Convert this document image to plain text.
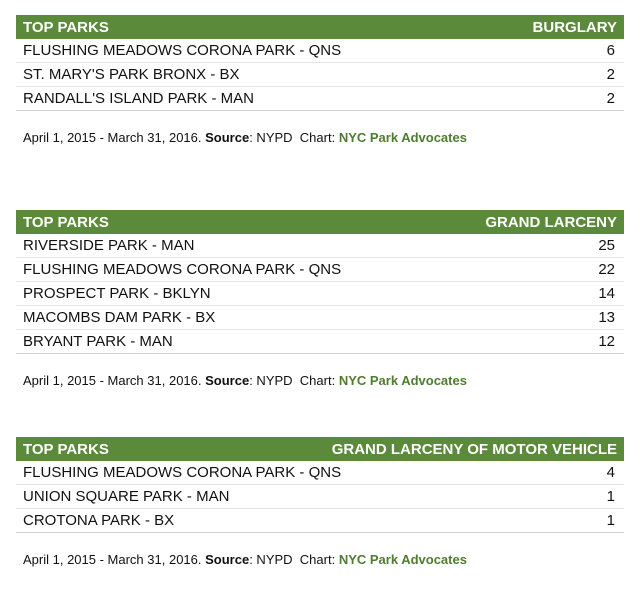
TOP PARKS	BURGLARY
FLUSHING MEADOWS CORONA PARK - QNS	6
ST. MARY'S PARK BRONX - BX	2
RANDALL'S ISLAND PARK - MAN	2
April 1, 2015 - March 31, 2016. Source: NYPD Chart: NYC Park Advocates
TOP PARKS	GRAND LARCENY
RIVERSIDE PARK - MAN	25
FLUSHING MEADOWS CORONA PARK - QNS	22
PROSPECT PARK - BKLYN	14
MACOMBS DAM PARK - BX	13
BRYANT PARK - MAN	12
April 1, 2015 - March 31, 2016. Source: NYPD Chart: NYC Park Advocates
TOP PARKS	GRAND LARCENY OF MOTOR VEHICLE
FLUSHING MEADOWS CORONA PARK - QNS	4
UNION SQUARE PARK - MAN	1
CROTONA PARK - BX	1
April 1, 2015 - March 31, 2016. Source: NYPD Chart: NYC Park Advocates
